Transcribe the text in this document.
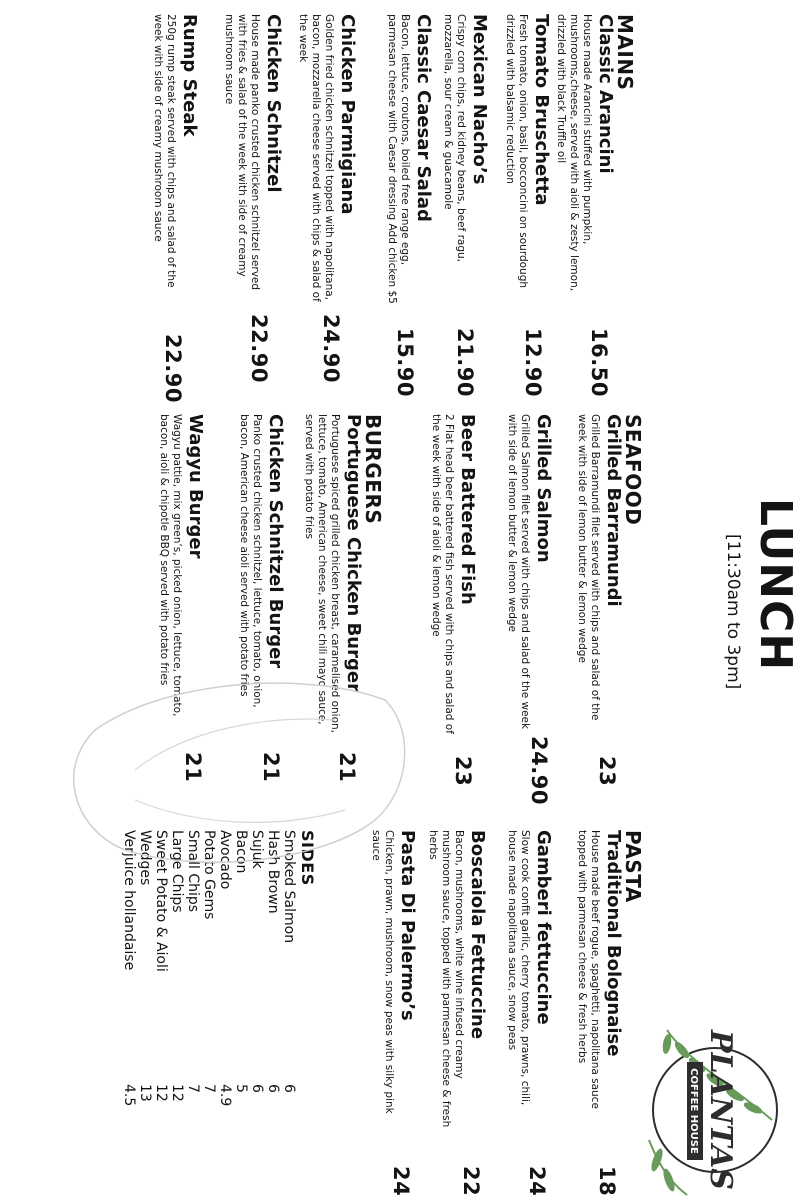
LUNCH
[11:30am to 3pm]
MAINS
Classic Arancini
House made Arancini stuffed with pumpkin, mushrooms,cheese, served with aioli & zesty lemon, drizzled with black Truffle oil
16.50
Tomato Bruschetta
Fresh tomato, onion, basil, bocconcini on sourdough drizzled with balsamic reduction
12.90
Mexican Nacho’s
Crispy corn chips, red kidney beans, beef ragu, mozzarella, sour cream & guacamole
21.90
Classic Caesar Salad
Bacon, lettuce, croutons, boiled free range egg, parmesan cheese with Caesar dressing Add chicken $5
15.90
Chicken Parmigiana
Golden fried chicken schnitzel topped with napolitana, bacon, mozzarella cheese served with chips & salad of the week
24.90
Chicken Schnitzel
House made panko crusted chicken schnitzel served with fries & salad of the week with side of creamy mushroom sauce
22.90
Rump Steak
250g rump steak served with chips and salad of the week with side of creamy mushroom sauce
22.90
SEAFOOD
Grilled Barramundi
Grilled Barramundi filet served with chips and salad of the week with side of lemon butter & lemon wedge
23
Grilled Salmon
Grilled Salmon filet served with chips and salad of the week with side of lemon butter & lemon wedge
24.90
Beer Battered Fish
2 Flat head beer battered fish served with chips and salad of the week with side of aioli & lemon wedge
23
BURGERS
Portuguese Chicken Burger
Portuguese spiced grilled chicken breast, caramelised onion, lettuce, tomato, American cheese, sweet chili mayo sauce, served with potato fries
21
Chicken Schnitzel Burger
Panko crusted chicken schnitzel, lettuce, tomato, onion, bacon, American cheese aioli served with potato fries
21
Wagyu Burger
Wagyu pattie, mix green’s, picked onion, lettuce, tomato, bacon, aioli & chipotle BBQ served with potato fries
21
PASTA
Traditional Bolognaise
House made beef rogue, spaghetti, napolitana sauce topped with parmesan cheese & fresh herbs
18
Gamberi fettuccine
Slow cook confit garlic, cherry tomato, prawns, chili, house made napolitana sauce, snow peas
24
Boscaiola Fettuccine
Bacon, mushrooms, white wine infused creamy mushroom sauce, topped with parmesan cheese & fresh herbs
22
Pasta Di Palermo’s
Chicken, prawn, mushroom, snow peas with silky pink sauce
24
SIDES
Smoked Salmon
6
Hash Brown
6
Sujuk
6
Bacon
5
Avocado
4.9
Potato Gems
7
Small Chips
7
Large Chips
12
Sweet Potato & Aioli
12
Wedges
13
Verjuice hollandaise
4.5	PLANTAS
COFFEE HOUSE
